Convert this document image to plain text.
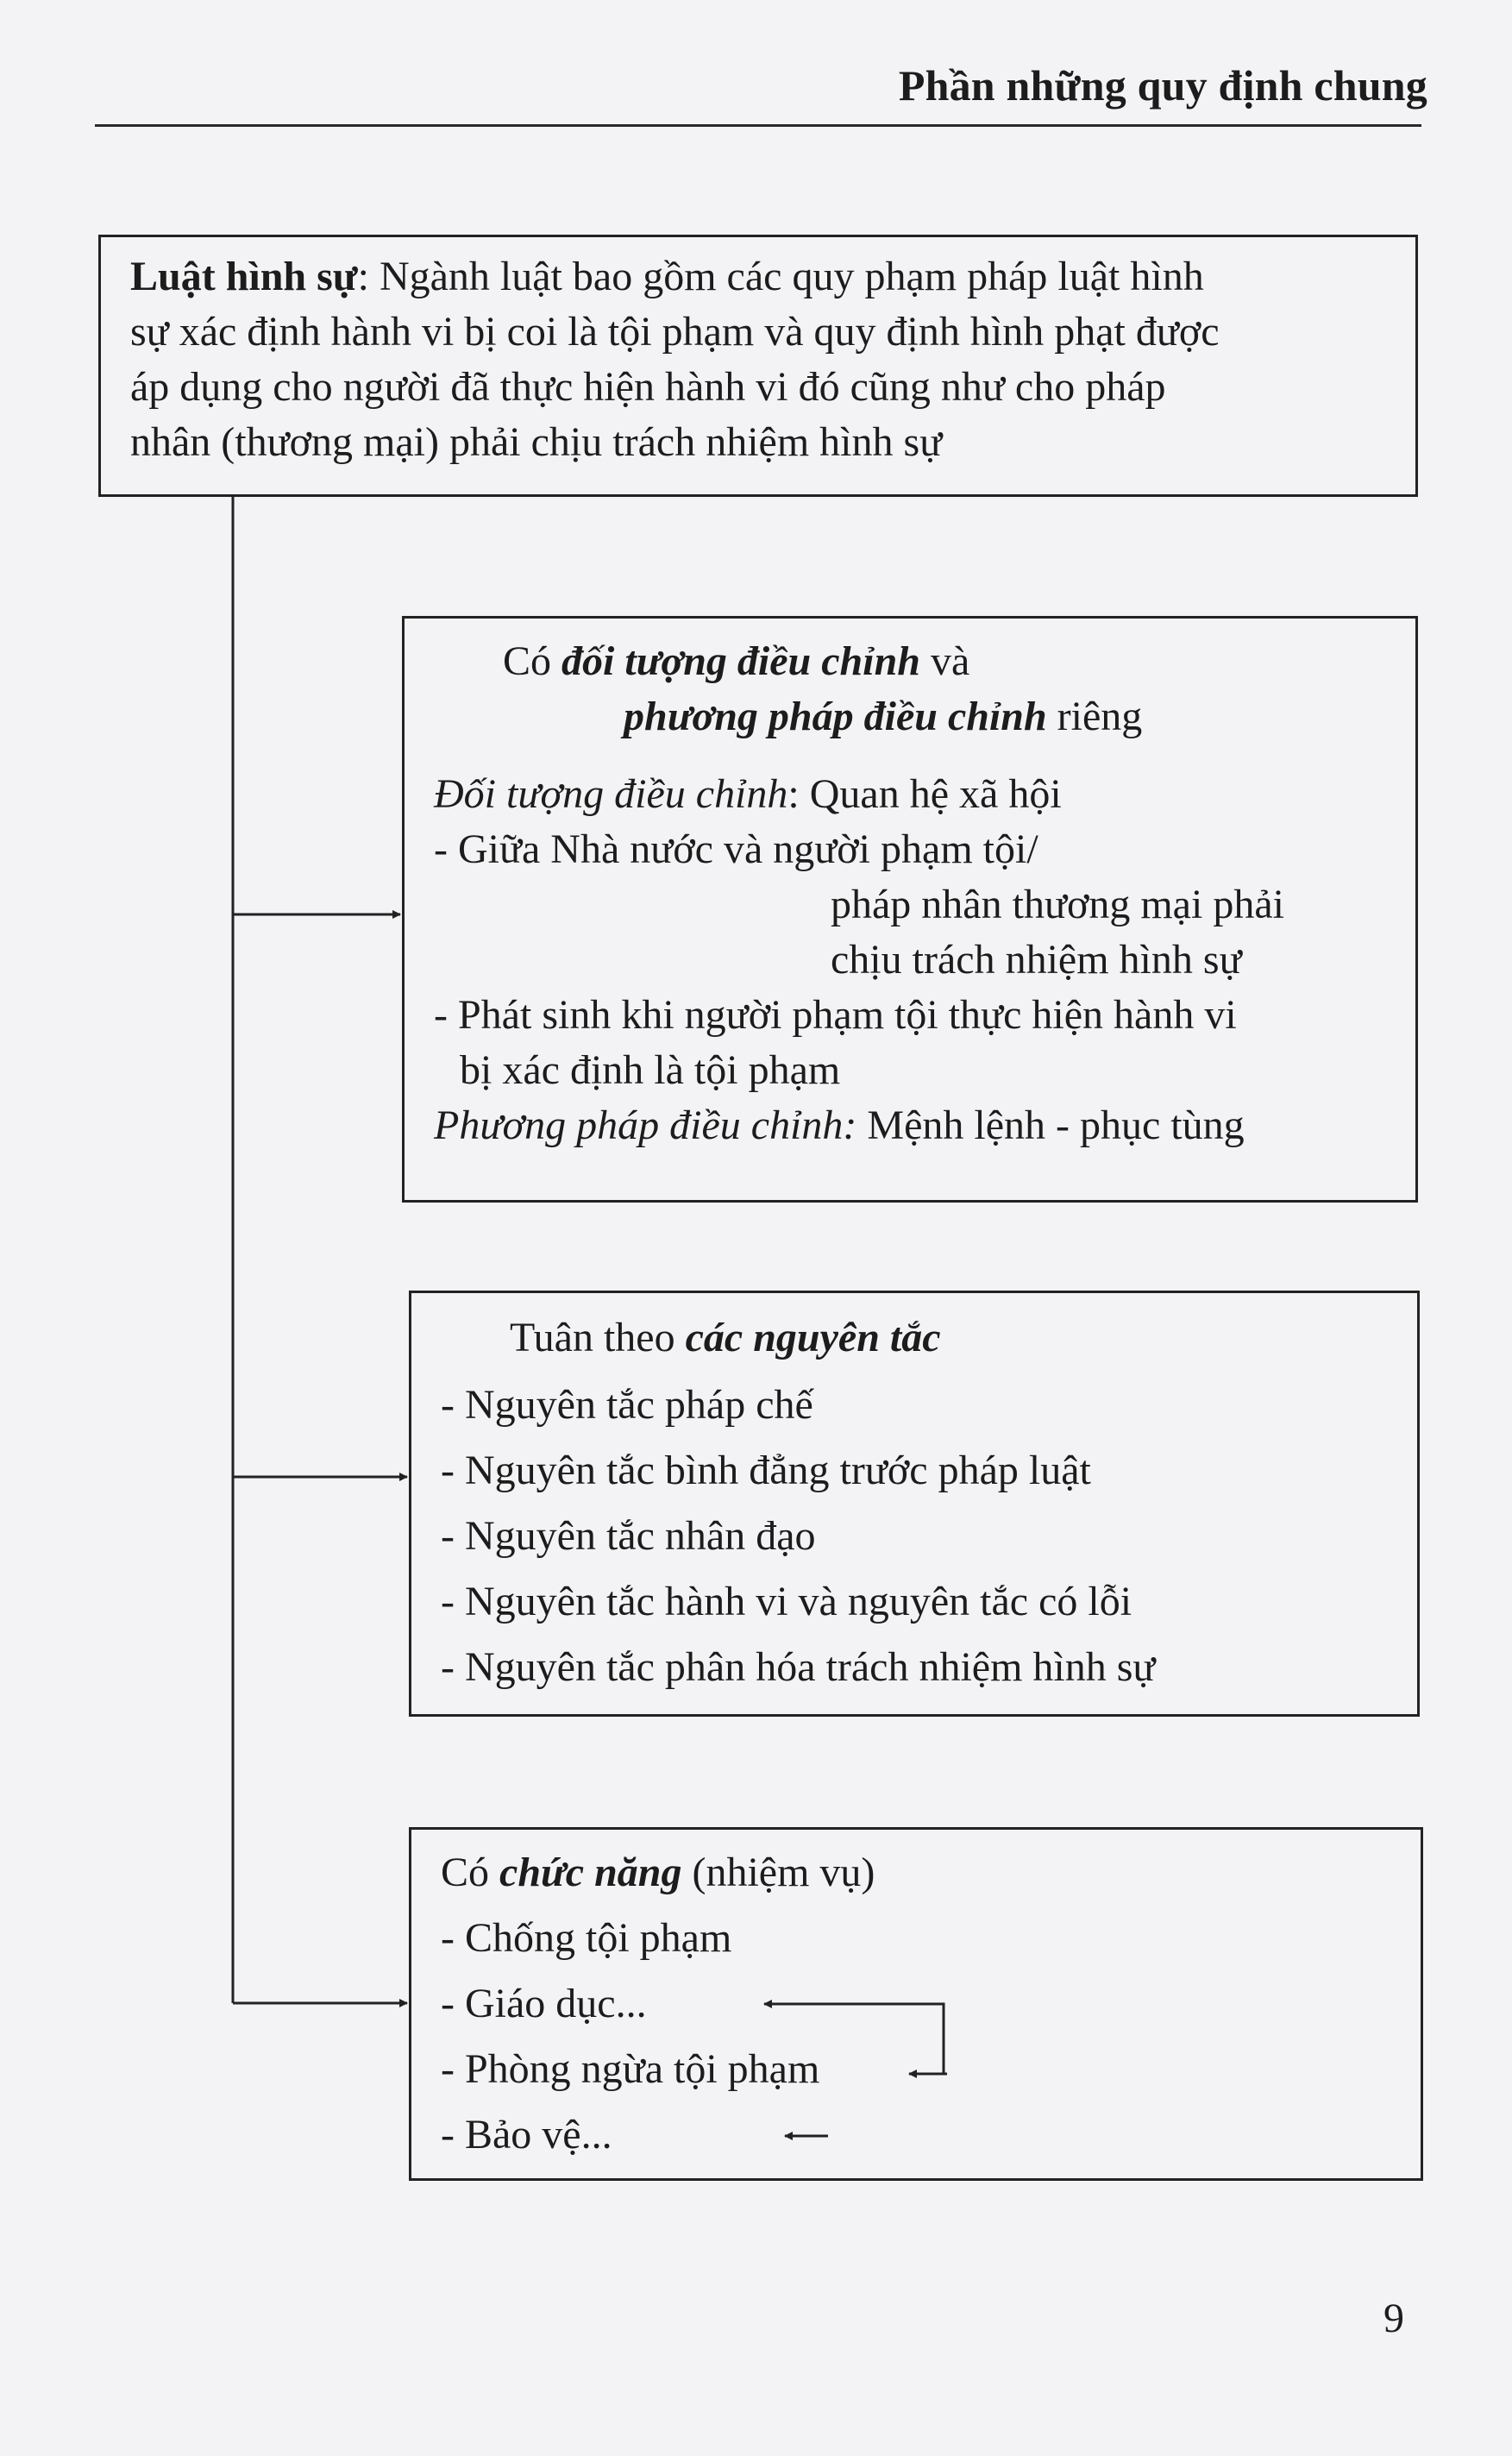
Phần những quy định chung

Luật hình sự: Ngành luật bao gồm các quy phạm pháp luật hình

sự xác định hành vi bị coi là tội phạm và quy định hình phạt được

áp dụng cho người đã thực hiện hành vi đó cũng như cho pháp

nhân (thương mại) phải chịu trách nhiệm hình sự

Có đối tượng điều chỉnh và

phương pháp điều chỉnh riêng

Đối tượng điều chỉnh: Quan hệ xã hội

- Giữa Nhà nước và người phạm tội/

pháp nhân thương mại phải

chịu trách nhiệm hình sự

- Phát sinh khi người phạm tội thực hiện hành vi

bị xác định là tội phạm

Phương pháp điều chỉnh: Mệnh lệnh - phục tùng

Tuân theo các nguyên tắc

- Nguyên tắc pháp chế

- Nguyên tắc bình đẳng trước pháp luật

- Nguyên tắc nhân đạo

- Nguyên tắc hành vi và nguyên tắc có lỗi

- Nguyên tắc phân hóa trách nhiệm hình sự

Có chức năng (nhiệm vụ)

- Chống tội phạm

- Giáo dục...

- Phòng ngừa tội phạm

- Bảo vệ...

9
